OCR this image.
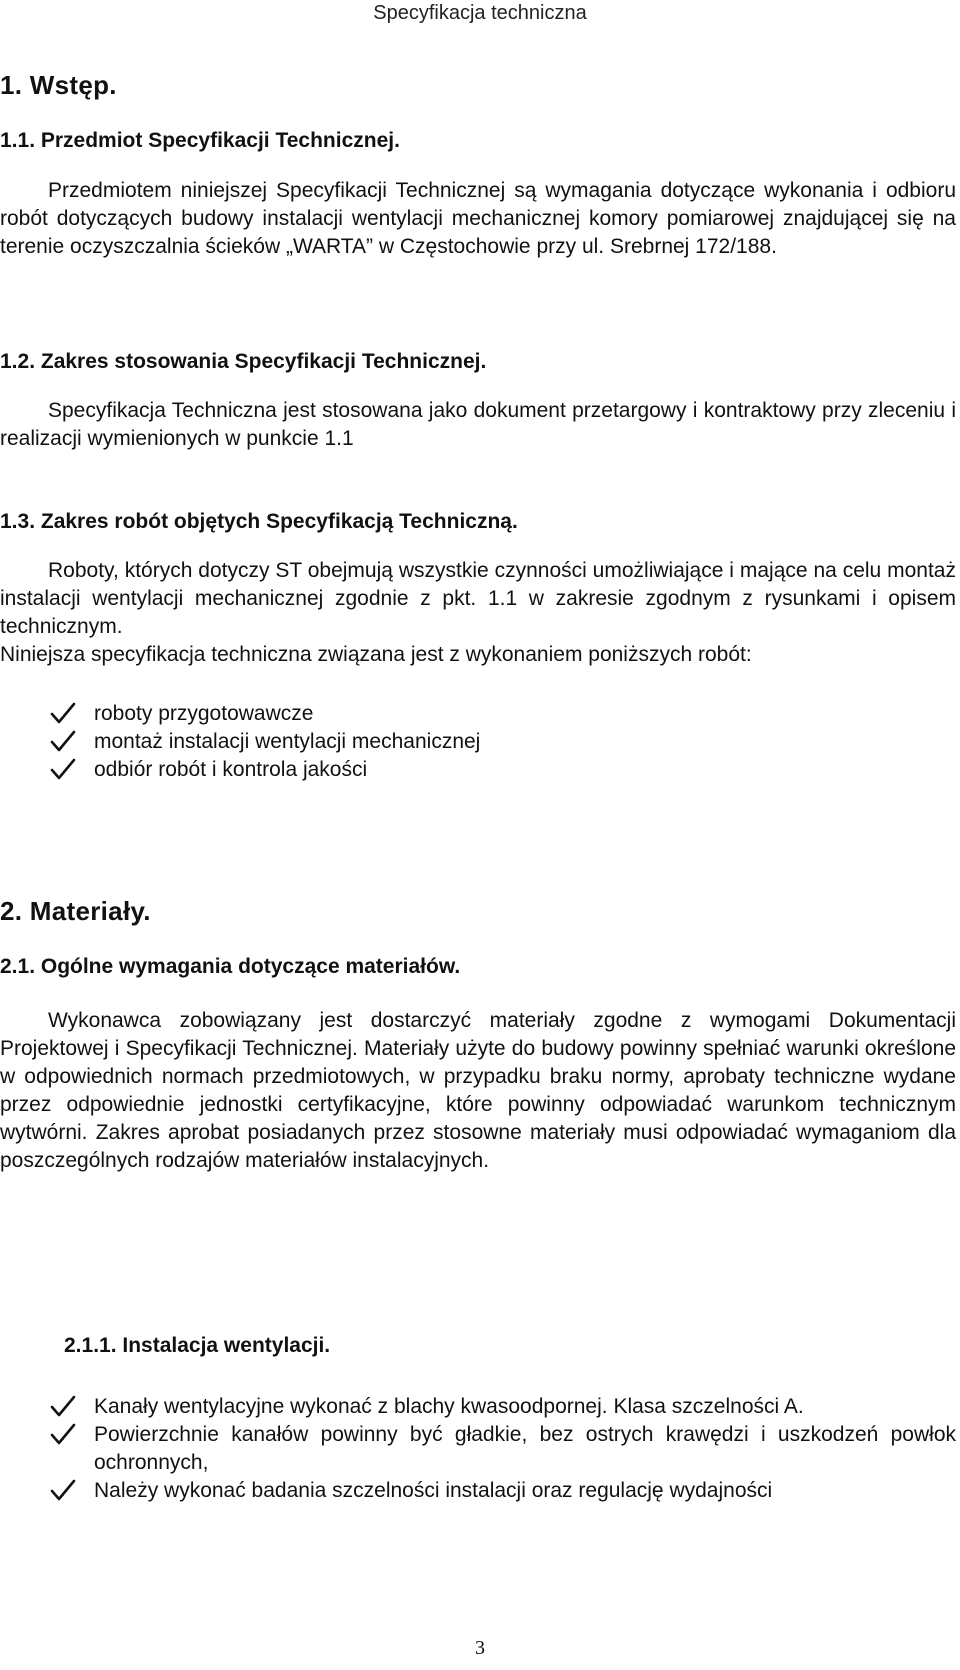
Specyfikacja techniczna
1. Wstęp.
1.1. Przedmiot Specyfikacji Technicznej.

Przedmiotem niniejszej Specyfikacji Technicznej są wymagania dotyczące wykonania i odbioru robót dotyczących budowy instalacji wentylacji mechanicznej komory pomiarowej znajdującej się na terenie oczyszczalnia ścieków „WARTA” w Częstochowie przy ul. Srebrnej 172/188.

1.2. Zakres stosowania Specyfikacji Technicznej.

Specyfikacja Techniczna jest stosowana jako dokument przetargowy i kontraktowy przy zleceniu i realizacji wymienionych w punkcie 1.1

1.3. Zakres robót objętych Specyfikacją Techniczną.

Roboty, których dotyczy ST obejmują wszystkie czynności umożliwiające i mające na celu montaż instalacji wentylacji mechanicznej zgodnie z pkt. 1.1 w zakresie zgodnym z rysunkami i opisem technicznym.

Niniejsza specyfikacja techniczna związana jest z wykonaniem poniższych robót:

roboty przygotowawcze
montaż instalacji wentylacji mechanicznej
odbiór robót i kontrola jakości
2. Materiały.
2.1. Ogólne wymagania dotyczące materiałów.

Wykonawca zobowiązany jest dostarczyć materiały zgodne z wymogami Dokumentacji Projektowej i Specyfikacji Technicznej. Materiały użyte do budowy powinny spełniać warunki określone w odpowiednich normach przedmiotowych, w przypadku braku normy, aprobaty techniczne wydane przez odpowiednie jednostki certyfikacyjne, które powinny odpowiadać warunkom technicznym wytwórni. Zakres aprobat posiadanych przez stosowne materiały musi odpowiadać wymaganiom dla poszczególnych rodzajów materiałów instalacyjnych.

2.1.1. Instalacja wentylacji.
Kanały wentylacyjne wykonać z blachy kwasoodpornej. Klasa szczelności A.
Powierzchnie kanałów powinny być gładkie, bez ostrych krawędzi i uszkodzeń powłok ochronnych,
Należy wykonać badania szczelności instalacji oraz regulację wydajności
3
